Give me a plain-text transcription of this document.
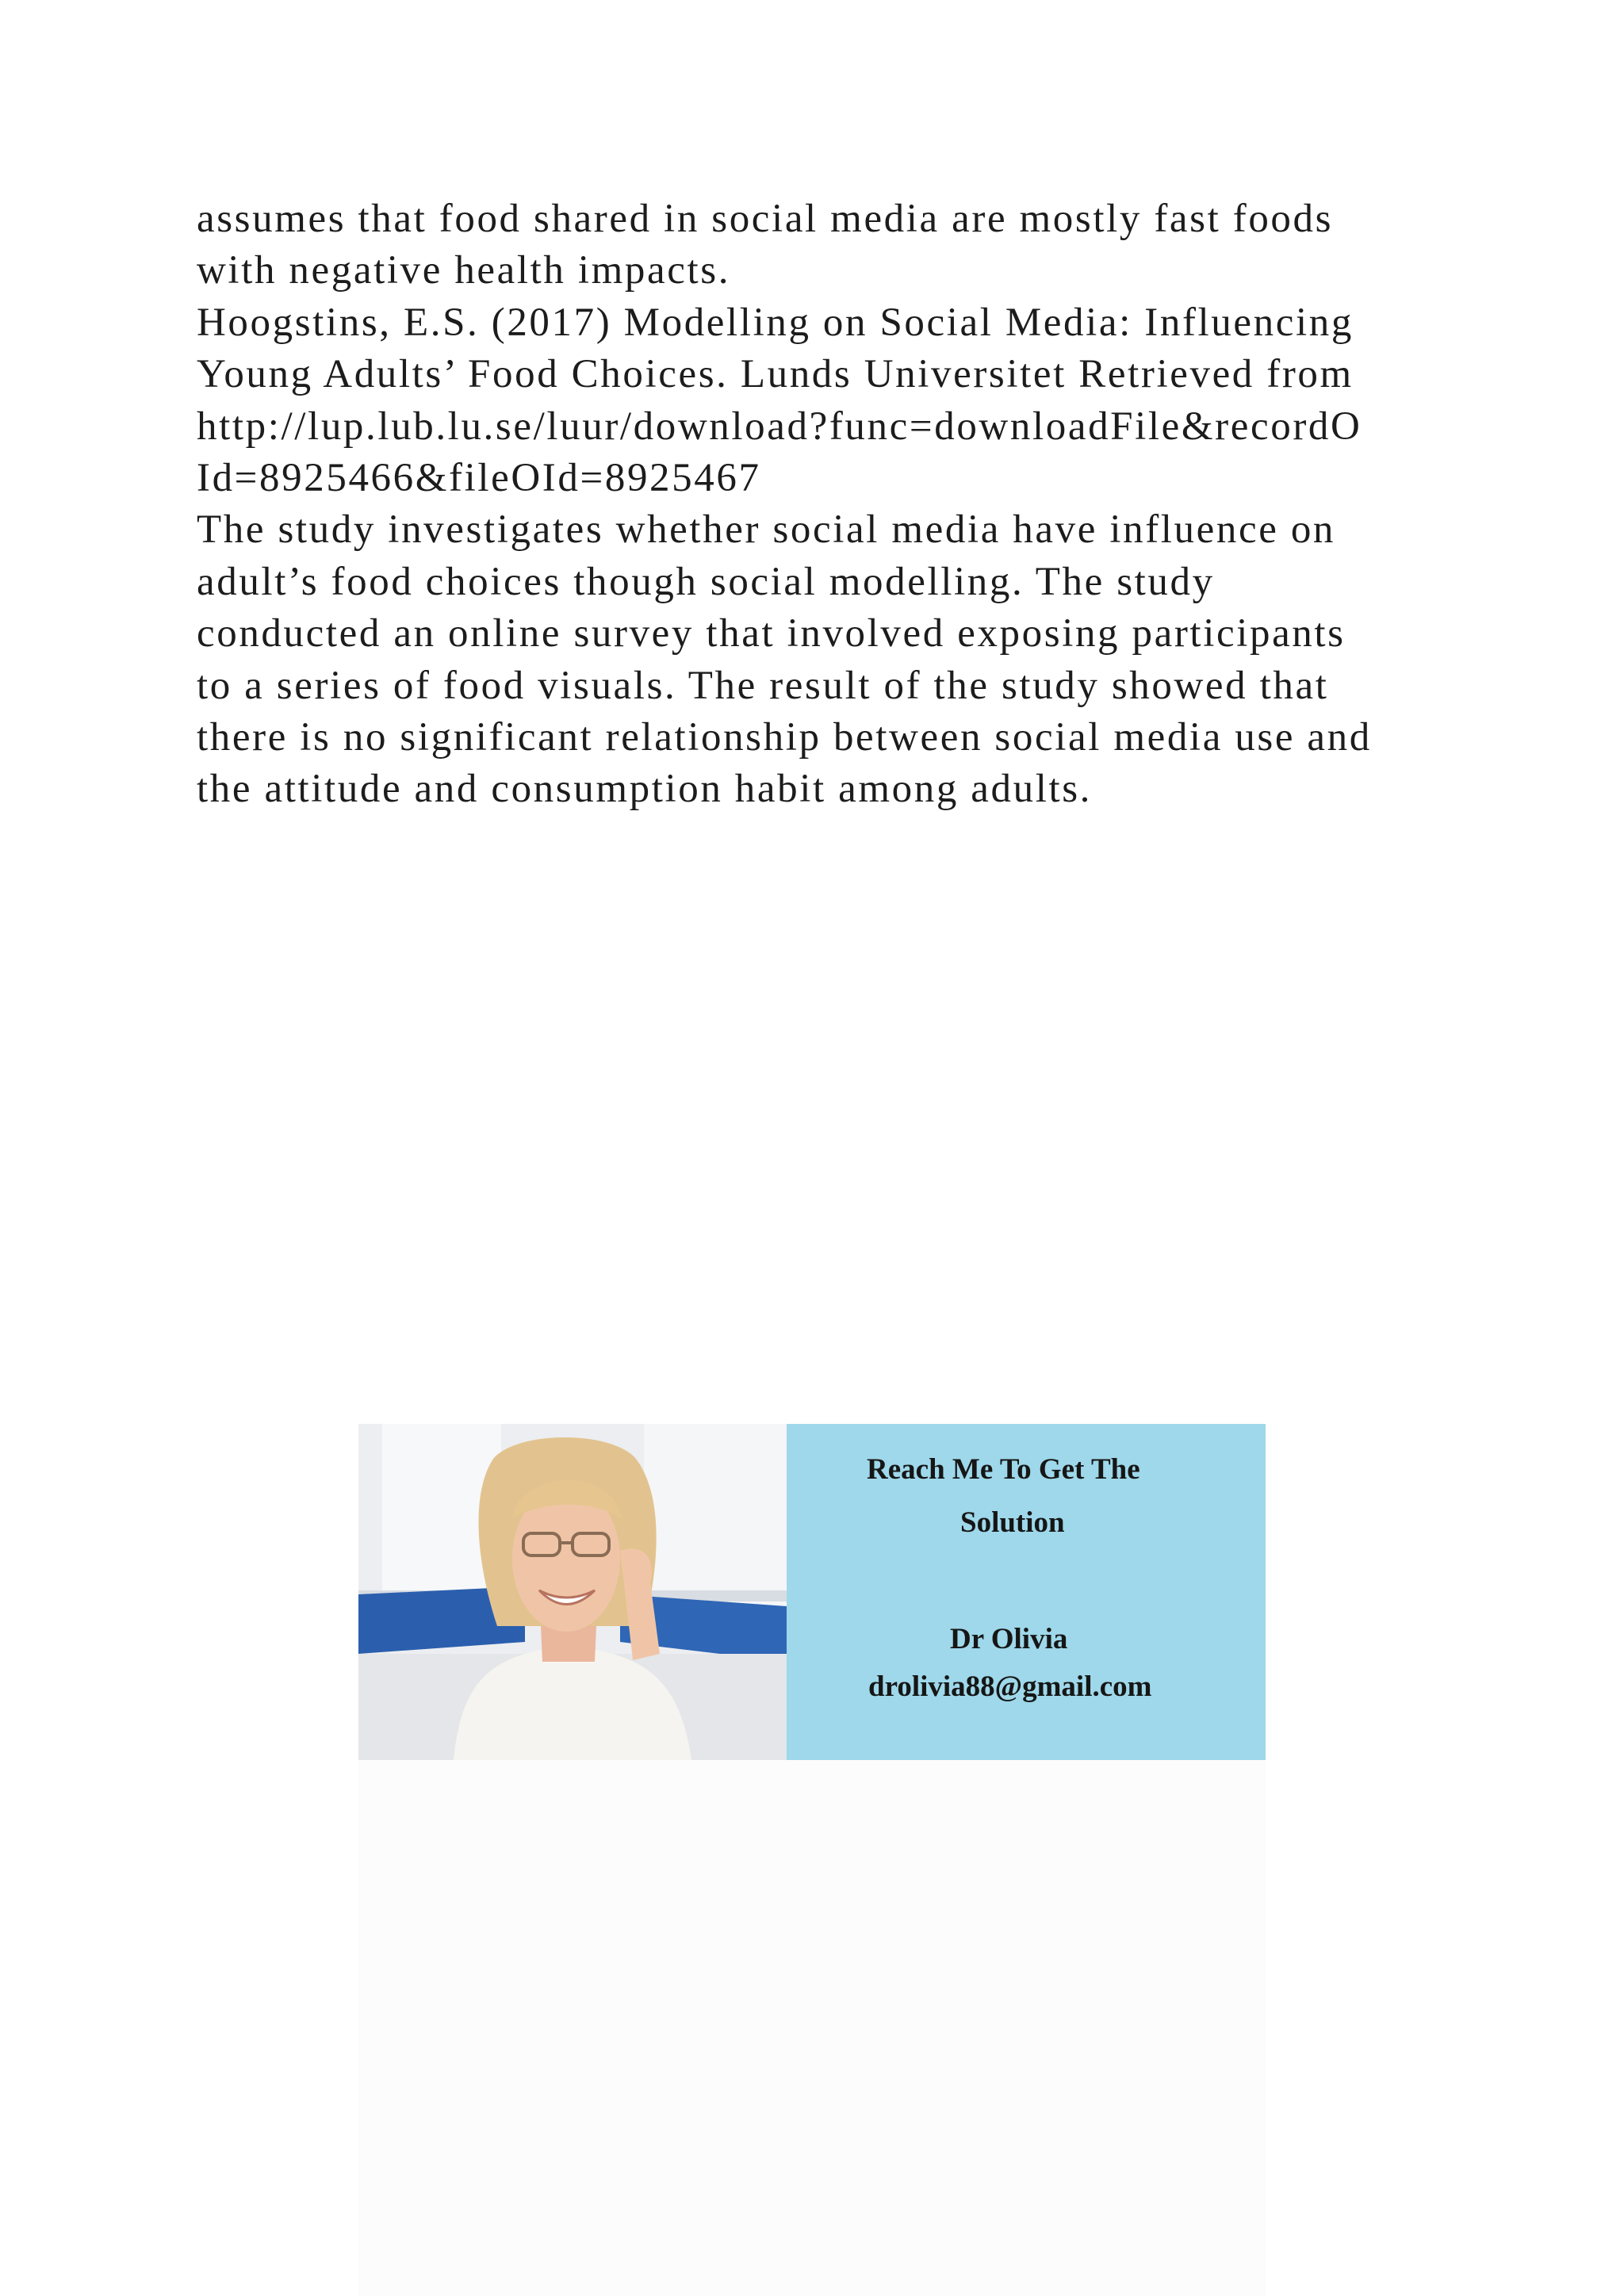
assumes that food shared in social media are mostly fast foods

with negative health impacts.

Hoogstins, E.S. (2017) Modelling on Social Media: Influencing

Young Adults’ Food Choices. Lunds Universitet Retrieved from

http://lup.lub.lu.se/luur/download?func=downloadFile&recordO

Id=8925466&fileOId=8925467

The study investigates whether social media have influence on

adult’s food choices though social modelling. The study

conducted an online survey that involved exposing participants

to a series of food visuals. The result of the study showed that

there is no significant relationship between social media use and

the attitude and consumption habit among adults.

Reach Me To Get The
Solution
Dr Olivia
drolivia88@gmail.com
